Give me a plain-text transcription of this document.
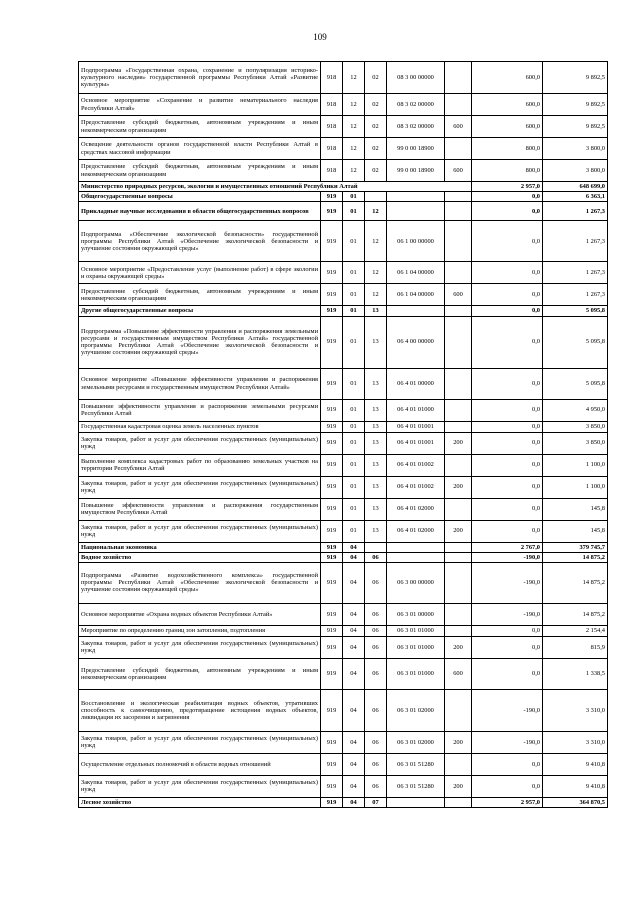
109
Подпрограмма «Государственная охрана, сохранение и популяризация историко-культурного наследия» государственной программы Республики Алтай «Развитие культуры»	918	12	02	08 3 00 00000		600,0	9 892,5
Основное мероприятие «Сохранение и развитие нематериального наследия Республики Алтай»	918	12	02	08 3 02 00000		600,0	9 892,5
Предоставление субсидий бюджетным, автономным учреждениям и иным некоммерческим организациям	918	12	02	08 3 02 00000	600	600,0	9 892,5
Освещение деятельности органов государственной власти Республики Алтай в средствах массовой информации	918	12	02	99 0 00 18900		800,0	3 800,0
Предоставление субсидий бюджетным, автономным учреждениям и иным некоммерческим организациям	918	12	02	99 0 00 18900	600	800,0	3 800,0
Министерство природных ресурсов, экологии и имущественных отношений Республики Алтай						2 957,0	648 699,0
Общегосударственные вопросы	919	01				0,0	6 363,1
Прикладные научные исследования в области общегосударственных вопросов	919	01	12			0,0	1 267,3
Подпрограмма «Обеспечение экологической безопасности» государственной программы Республики Алтай «Обеспечение экологической безопасности и улучшение состояния окружающей среды»	919	01	12	06 1 00 00000		0,0	1 267,3
Основное мероприятие «Предоставление услуг (выполнение работ) в сфере экологии и охраны окружающей среды»	919	01	12	06 1 04 00000		0,0	1 267,3
Предоставление субсидий бюджетным, автономным учреждениям и иным некоммерческим организациям	919	01	12	06 1 04 00000	600	0,0	1 267,3
Другие общегосударственные вопросы	919	01	13			0,0	5 095,8
Подпрограмма «Повышение эффективности управления и распоряжения земельными ресурсами и государственным имуществом Республики Алтай» государственной программы Республики Алтай «Обеспечение экологической безопасности и улучшение состояния окружающей среды»	919	01	13	06 4 00 00000		0,0	5 095,8
Основное мероприятие «Повышение эффективности управления и распоряжения земельными ресурсами и государственным имуществом Республики Алтай»	919	01	13	06 4 01 00000		0,0	5 095,8
Повышение эффективности управления и распоряжения земельными ресурсами Республики Алтай	919	01	13	06 4 01 01000		0,0	4 950,0
Государственная кадастровая оценка земель населенных пунктов	919	01	13	06 4 01 01001		0,0	3 850,0
Закупка товаров, работ и услуг для обеспечения государственных (муниципальных) нужд	919	01	13	06 4 01 01001	200	0,0	3 850,0
Выполнение комплекса кадастровых работ по образованию земельных участков на территории Республики Алтай	919	01	13	06 4 01 01002		0,0	1 100,0
Закупка товаров, работ и услуг для обеспечения государственных (муниципальных) нужд	919	01	13	06 4 01 01002	200	0,0	1 100,0
Повышение эффективности управления и распоряжения государственным имуществом Республики Алтай	919	01	13	06 4 01 02000		0,0	145,8
Закупка товаров, работ и услуг для обеспечения государственных (муниципальных) нужд	919	01	13	06 4 01 02000	200	0,0	145,8
Национальная экономика	919	04				2 767,0	379 745,7
Водное хозяйство	919	04	06			-190,0	14 875,2
Подпрограмма «Развитие водохозяйственного комплекса» государственной программы Республики Алтай «Обеспечение экологической безопасности и улучшение состояния окружающей среды»	919	04	06	06 3 00 00000		-190,0	14 875,2
Основное мероприятие «Охрана водных объектов Республики Алтай»	919	04	06	06 3 01 00000		-190,0	14 875,2
Мероприятие по определению границ зон затопления, подтопления	919	04	06	06 3 01 01000		0,0	2 154,4
Закупка товаров, работ и услуг для обеспечения государственных (муниципальных) нужд	919	04	06	06 3 01 01000	200	0,0	815,9
Предоставление субсидий бюджетным, автономным учреждениям и иным некоммерческим организациям	919	04	06	06 3 01 01000	600	0,0	1 338,5
Восстановление и экологическая реабилитация водных объектов, утративших способность к самоочищению, предотвращение истощения водных объектов, ликвидация их засорения и загрязнения	919	04	06	06 3 01 02000		-190,0	3 310,0
Закупка товаров, работ и услуг для обеспечения государственных (муниципальных) нужд	919	04	06	06 3 01 02000	200	-190,0	3 310,0
Осуществление отдельных полномочий в области водных отношений	919	04	06	06 3 01 51280		0,0	9 410,8
Закупка товаров, работ и услуг для обеспечения государственных (муниципальных) нужд	919	04	06	06 3 01 51280	200	0,0	9 410,8
Лесное хозяйство	919	04	07			2 957,0	364 870,5
